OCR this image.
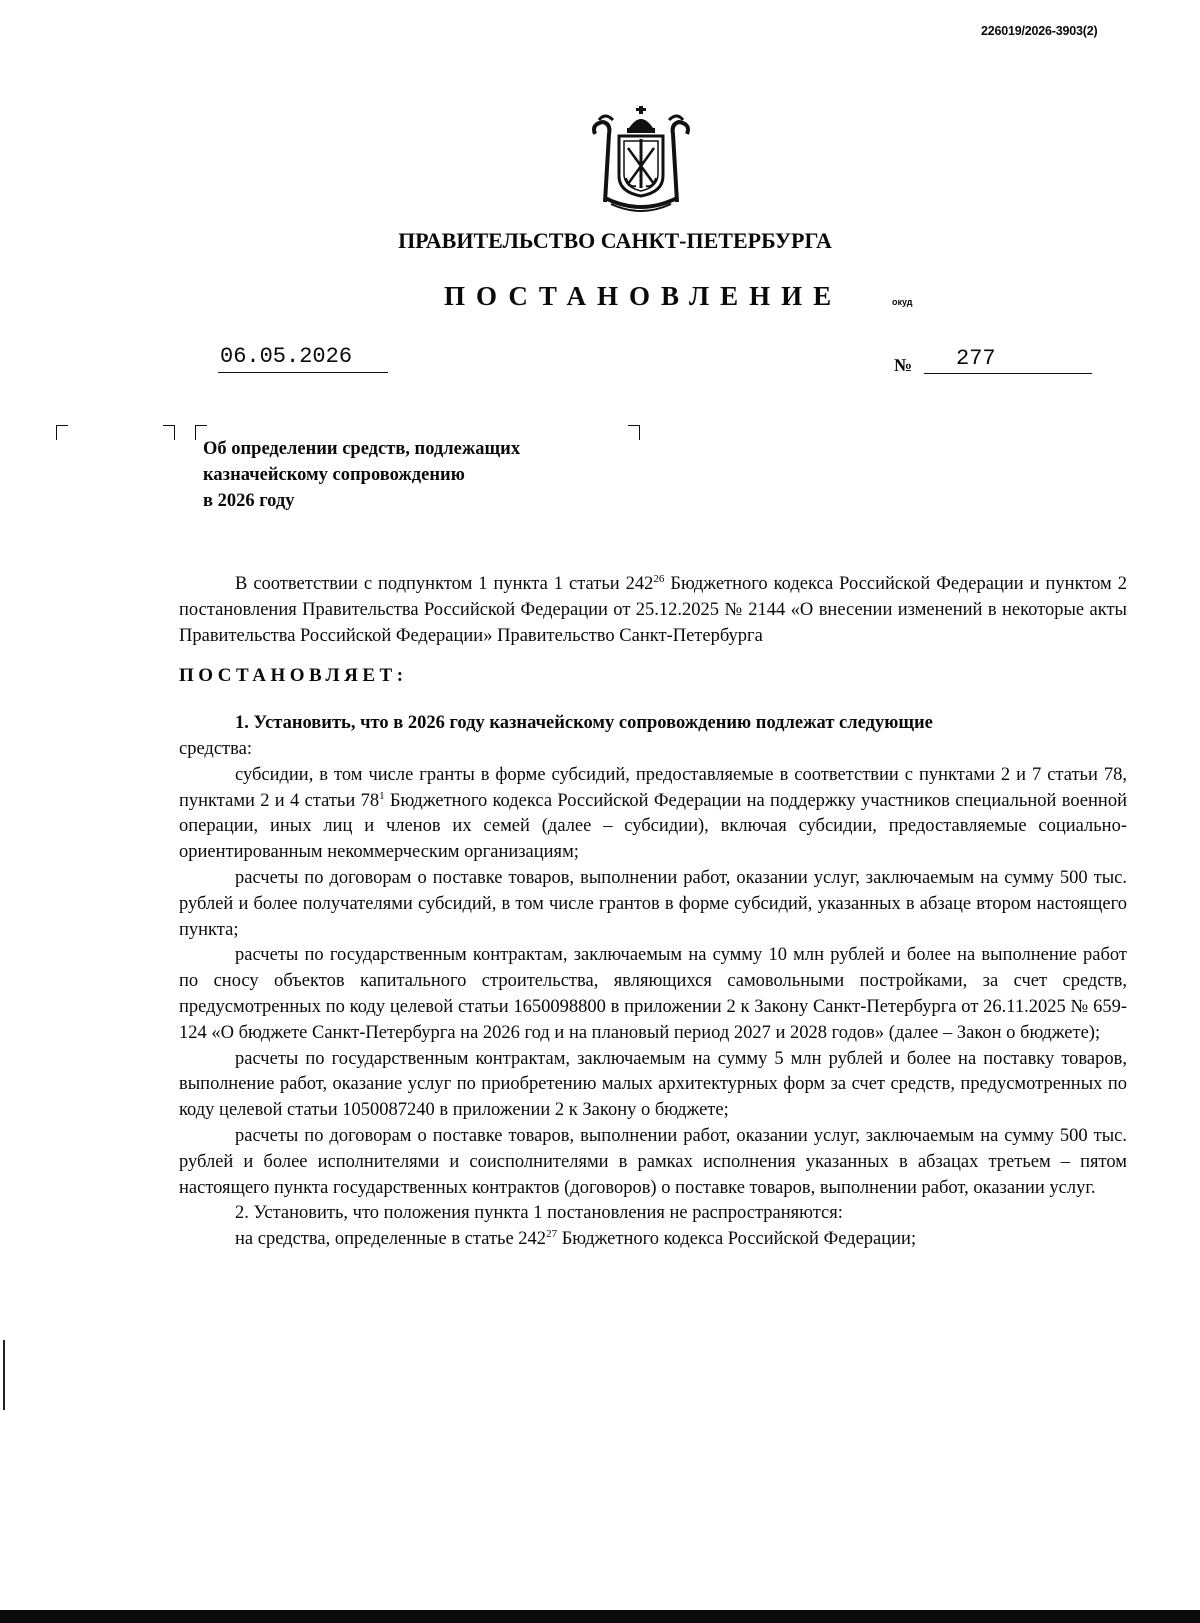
226019/2026-3903(2)
ПРАВИТЕЛЬСТВО САНКТ-ПЕТЕРБУРГА
ПОСТАНОВЛЕНИЕ	окуд
06.05.2026	№	277
Об определении средств, подлежащих
казначейскому сопровождению
в 2026 году

В соответствии с подпунктом 1 пункта 1 статьи $242^{26}$ Бюджетного кодекса Российской Федерации и пунктом 2 постановления Правительства Российской Федерации от 25.12.2025 № 2144 «О внесении изменений в некоторые акты Правительства Российской Федерации» Правительство Санкт-Петербурга

ПОСТАНОВЛЯЕТ:

1. Установить, что в 2026 году казначейскому сопровождению подлежат следующие

средства:

субсидии, в том числе гранты в форме субсидий, предоставляемые в соответствии с пунктами 2 и 7 статьи 78, пунктами 2 и 4 статьи $78^1$ Бюджетного кодекса Российской Федерации на поддержку участников специальной военной операции, иных лиц и членов их семей (далее – субсидии), включая субсидии, предоставляемые социально-ориентированным некоммерческим организациям;

расчеты по договорам о поставке товаров, выполнении работ, оказании услуг, заключаемым на сумму 500 тыс. рублей и более получателями субсидий, в том числе грантов в форме субсидий, указанных в абзаце втором настоящего пункта;

расчеты по государственным контрактам, заключаемым на сумму 10 млн рублей и более на выполнение работ по сносу объектов капитального строительства, являющихся самовольными постройками, за счет средств, предусмотренных по коду целевой статьи 1650098800 в приложении 2 к Закону Санкт-Петербурга от 26.11.2025 № 659-124 «О бюджете Санкт-Петербурга на 2026 год и на плановый период 2027 и 2028 годов» (далее – Закон о бюджете);

расчеты по государственным контрактам, заключаемым на сумму 5 млн рублей и более на поставку товаров, выполнение работ, оказание услуг по приобретению малых архитектурных форм за счет средств, предусмотренных по коду целевой статьи 1050087240 в приложении 2 к Закону о бюджете;

расчеты по договорам о поставке товаров, выполнении работ, оказании услуг, заключаемым на сумму 500 тыс. рублей и более исполнителями и соисполнителями в рамках исполнения указанных в абзацах третьем – пятом настоящего пункта государственных контрактов (договоров) о поставке товаров, выполнении работ, оказании услуг.

2. Установить, что положения пункта 1 постановления не распространяются:

на средства, определенные в статье $242^{27}$ Бюджетного кодекса Российской Федерации;
